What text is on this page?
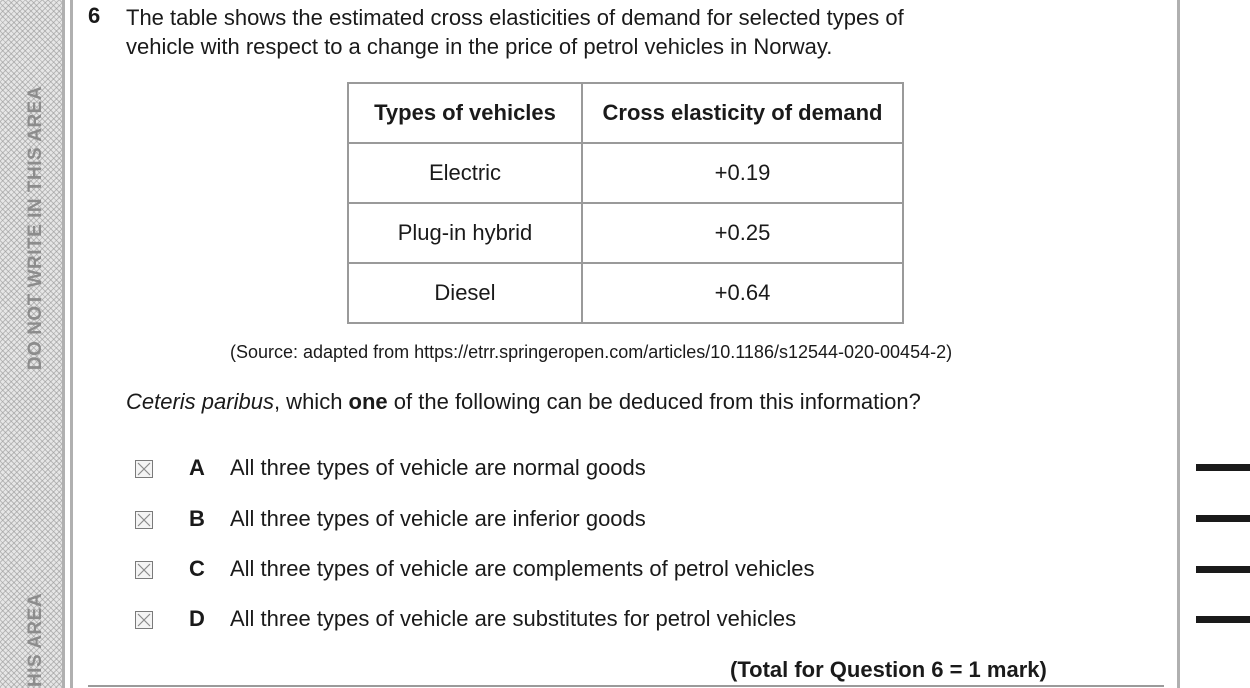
DO NOT WRITE IN THIS AREA
HIS AREA
6 The table shows the estimated cross elasticities of demand for selected types of
vehicle with respect to a change in the price of petrol vehicles in Norway.
Types of vehicles	Cross elasticity of demand
Electric	+0.19
Plug-in hybrid	+0.25
Diesel	+0.64
(Source: adapted from https://etrr.springeropen.com/articles/10.1186/s12544-020-00454-2)
Ceteris paribus, which one of the following can be deduced from this information?
A All three types of vehicle are normal goods
B All three types of vehicle are inferior goods
C All three types of vehicle are complements of petrol vehicles
D All three types of vehicle are substitutes for petrol vehicles
(Total for Question 6 = 1 mark)
